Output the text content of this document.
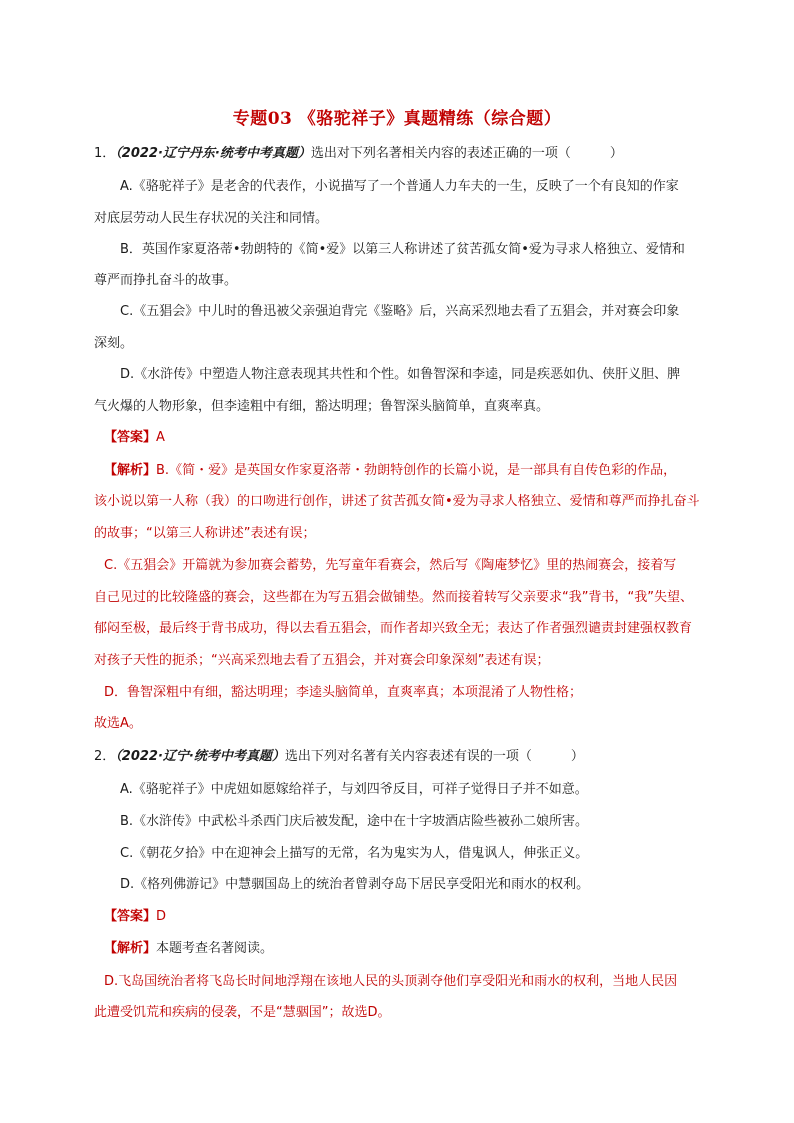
专题03 《骆驼祥子》真题精练（综合题）
1．（2022·辽宁丹东·统考中考真题）选出对下列名著相关内容的表述正确的一项（　　　）
A.《骆驼祥子》是老舍的代表作，小说描写了一个普通人力车夫的一生，反映了一个有良知的作家
对底层劳动人民生存状况的关注和同情。
B．英国作家夏洛蒂•勃朗特的《简•爱》以第三人称讲述了贫苦孤女简•爱为寻求人格独立、爱情和
尊严而挣扎奋斗的故事。
C.《五猖会》中儿时的鲁迅被父亲强迫背完《鉴略》后，兴高采烈地去看了五猖会，并对赛会印象
深刻。
D.《水浒传》中塑造人物注意表现其共性和个性。如鲁智深和李逵，同是疾恶如仇、侠肝义胆、脾
气火爆的人物形象，但李逵粗中有细，豁达明理；鲁智深头脑简单，直爽率真。
【答案】A
【解析】B.《简・爱》是英国女作家夏洛蒂・勃朗特创作的长篇小说，是一部具有自传色彩的作品，
该小说以第一人称（我）的口吻进行创作，讲述了贫苦孤女简•爱为寻求人格独立、爱情和尊严而挣扎奋斗
的故事；“以第三人称讲述”表述有误；
C.《五猖会》开篇就为参加赛会蓄势，先写童年看赛会，然后写《陶庵梦忆》里的热闹赛会，接着写
自己见过的比较隆盛的赛会，这些都在为写五猖会做铺垫。然而接着转写父亲要求“我”背书，“我”失望、
郁闷至极，最后终于背书成功，得以去看五猖会，而作者却兴致全无；表达了作者强烈谴责封建强权教育
对孩子天性的扼杀；“兴高采烈地去看了五猖会，并对赛会印象深刻”表述有误；
D．鲁智深粗中有细，豁达明理；李逵头脑简单，直爽率真；本项混淆了人物性格；
故选A。
2．（2022·辽宁·统考中考真题）选出下列对名著有关内容表述有误的一项（　　　）
A.《骆驼祥子》中虎妞如愿嫁给祥子，与刘四爷反目，可祥子觉得日子并不如意。
B.《水浒传》中武松斗杀西门庆后被发配，途中在十字坡酒店险些被孙二娘所害。
C.《朝花夕拾》中在迎神会上描写的无常，名为鬼实为人，借鬼讽人，伸张正义。
D.《格列佛游记》中慧骃国岛上的统治者曾剥夺岛下居民享受阳光和雨水的权利。
【答案】D
【解析】本题考查名著阅读。
D.飞岛国统治者将飞岛长时间地浮翔在该地人民的头顶剥夺他们享受阳光和雨水的权利，当地人民因
此遭受饥荒和疾病的侵袭，不是“慧骃国”；故选D。
